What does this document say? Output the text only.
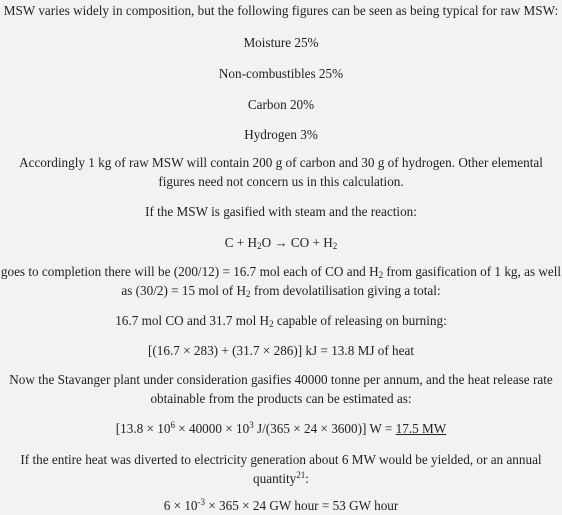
MSW varies widely in composition, but the following figures can be seen as being typical for raw MSW:
Moisture 25%
Non-combustibles 25%
Carbon 20%
Hydrogen 3%
Accordingly 1 kg of raw MSW will contain 200 g of carbon and 30 g of hydrogen. Other elemental
figures need not concern us in this calculation.
If the MSW is gasified with steam and the reaction:
$C + H_2O$ → CO + $H_2$
goes to completion there will be (200/12) = 16.7 mol each of CO and $H_2$ from gasification of 1 kg, as well
as (30/2) = 15 mol of $H_2$ from devolatilisation giving a total:
16.7 mol CO and 31.7 mol $H_2$ capable of releasing on burning:
[(16.7 × 283) + (31.7 × 286)] kJ = 13.8 MJ of heat
Now the Stavanger plant under consideration gasifies 40000 tonne per annum, and the heat release rate
obtainable from the products can be estimated as:
[$13.8 \times 10^6 \times 40000 \times 10^3$ J/(365 × 24 × 3600)] W = 17.5 MW
If the entire heat was diverted to electricity generation about 6 MW would be yielded, or an annual
quantity$^{21}$:
$6 \times 10^{-3} \times 365 \times 24$ GW hour = 53 GW hour
